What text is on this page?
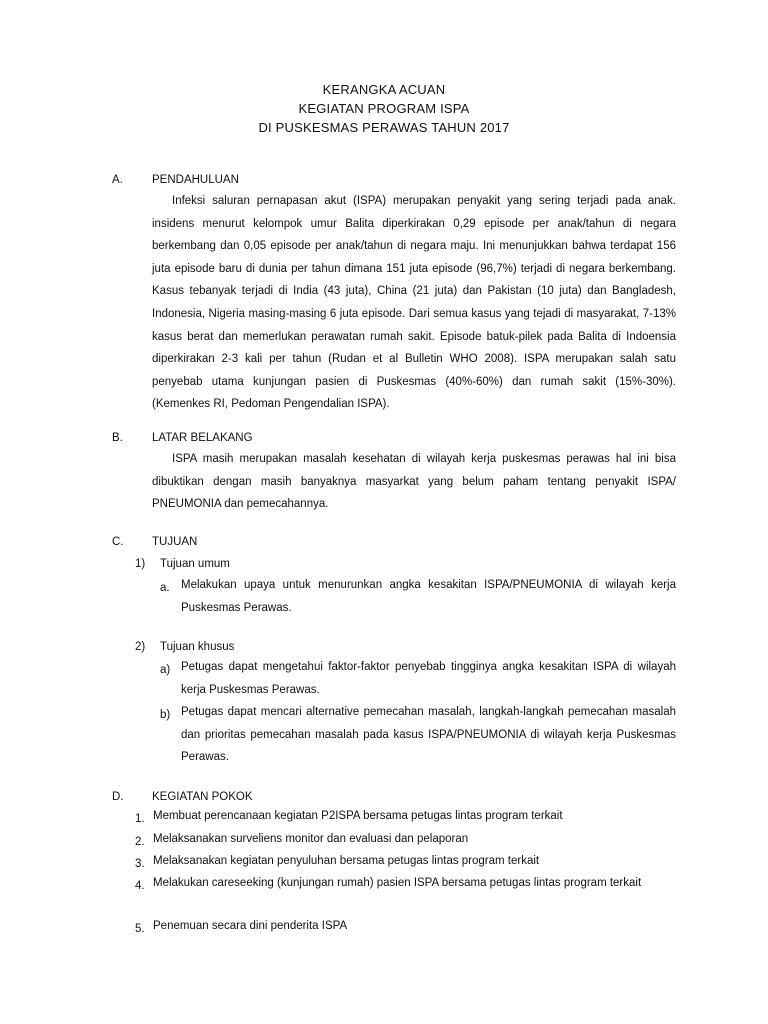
KERANGKA ACUAN
KEGIATAN PROGRAM ISPA
DI PUSKESMAS PERAWAS TAHUN 2017
A.	PENDAHULUAN
Infeksi saluran pernapasan akut (ISPA) merupakan penyakit yang sering terjadi pada anak. insidens menurut kelompok umur Balita diperkirakan 0,29 episode per anak/tahun di negara berkembang dan 0,05 episode per anak/tahun di negara maju. Ini menunjukkan bahwa terdapat 156 juta episode baru di dunia per tahun dimana 151 juta episode (96,7%) terjadi di negara berkembang. Kasus tebanyak terjadi di India (43 juta), China (21 juta) dan Pakistan (10 juta) dan Bangladesh, Indonesia, Nigeria masing-masing 6 juta episode. Dari semua kasus yang tejadi di masyarakat, 7-13% kasus berat dan memerlukan perawatan rumah sakit. Episode batuk-pilek pada Balita di Indoensia diperkirakan 2-3 kali per tahun (Rudan et al Bulletin WHO 2008). ISPA merupakan salah satu penyebab utama kunjungan pasien di Puskesmas (40%-60%) dan rumah sakit (15%-30%). (Kemenkes RI, Pedoman Pengendalian ISPA).
B.	LATAR BELAKANG
ISPA masih merupakan masalah kesehatan di wilayah kerja puskesmas perawas hal ini bisa dibuktikan dengan masih banyaknya masyarkat yang belum paham tentang penyakit ISPA/ PNEUMONIA dan pemecahannya.
C. TUJUAN
1) Tujuan umum
a. Melakukan upaya untuk menurunkan angka kesakitan ISPA/PNEUMONIA di wilayah kerja Puskesmas Perawas.
2) Tujuan khusus
a) Petugas dapat mengetahui faktor-faktor penyebab tingginya angka kesakitan ISPA di wilayah kerja Puskesmas Perawas.
b) Petugas dapat mencari alternative pemecahan masalah, langkah-langkah pemecahan masalah dan prioritas pemecahan masalah pada kasus ISPA/PNEUMONIA di wilayah kerja Puskesmas Perawas.
D. KEGIATAN POKOK
1. Membuat perencanaan kegiatan P2ISPA bersama petugas lintas program terkait
2. Melaksanakan surveliens monitor dan evaluasi dan pelaporan
3. Melaksanakan kegiatan penyuluhan bersama petugas lintas program terkait
4. Melakukan careseeking (kunjungan rumah) pasien ISPA bersama petugas lintas program terkait
5. Penemuan secara dini penderita ISPA
